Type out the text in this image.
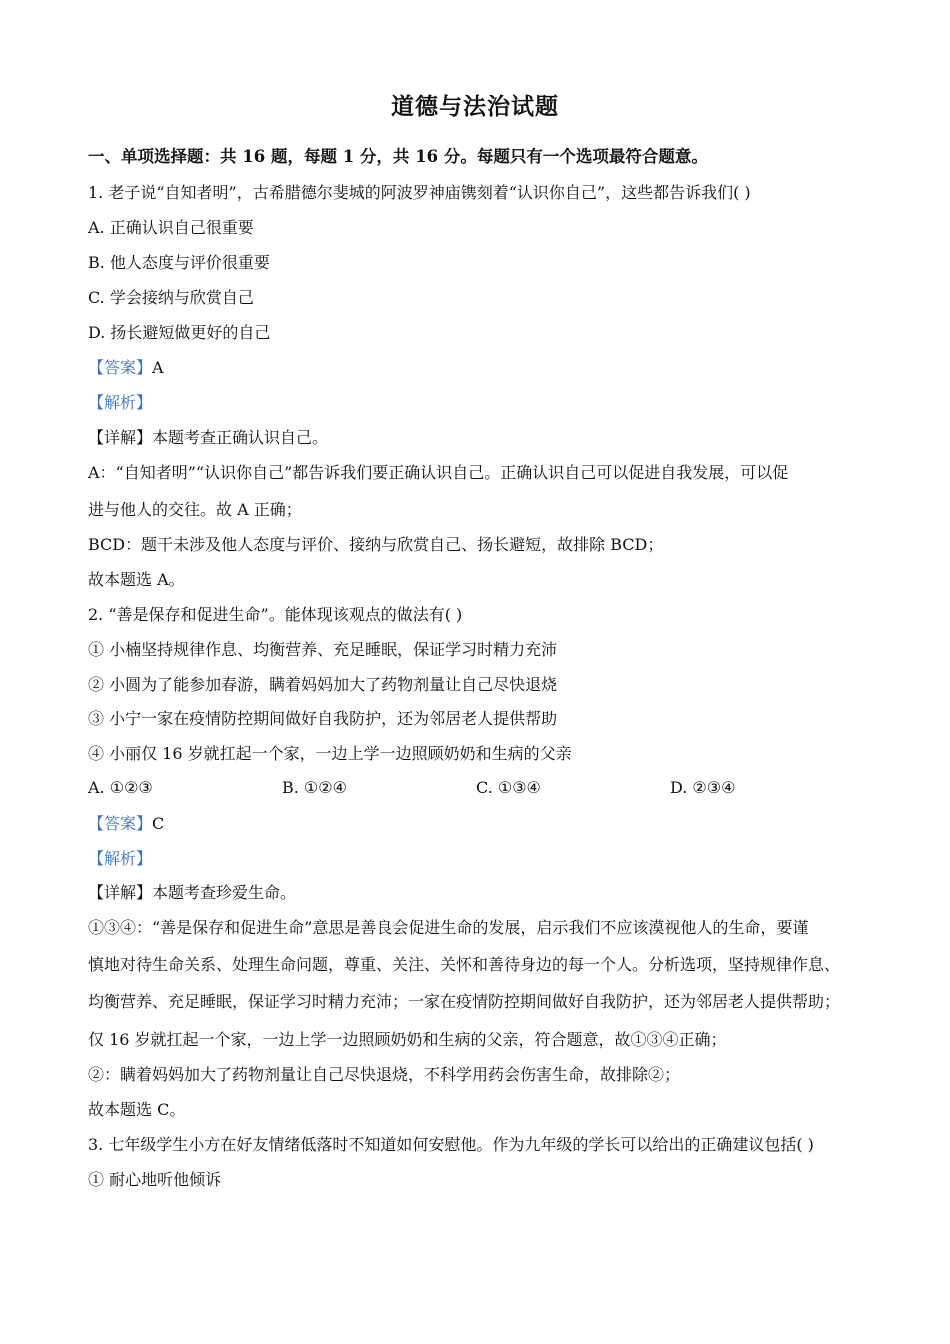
道德与法治试题
一、单项选择题：共 16 题，每题 1 分，共 16 分。每题只有一个选项最符合题意。
1. 老子说“自知者明”，古希腊德尔斐城的阿波罗神庙镌刻着“认识你自己”，这些都告诉我们( )
A. 正确认识自己很重要
B. 他人态度与评价很重要
C. 学会接纳与欣赏自己
D. 扬长避短做更好的自己
【答案】A
【解析】
【详解】本题考查正确认识自己。
A：“自知者明”“认识你自己”都告诉我们要正确认识自己。正确认识自己可以促进自我发展，可以促
进与他人的交往。故 A 正确；
BCD：题干未涉及他人态度与评价、接纳与欣赏自己、扬长避短，故排除 BCD；
故本题选 A。
2. “善是保存和促进生命”。能体现该观点的做法有( )
① 小楠坚持规律作息、均衡营养、充足睡眠，保证学习时精力充沛
② 小圆为了能参加春游，瞒着妈妈加大了药物剂量让自己尽快退烧
③ 小宁一家在疫情防控期间做好自我防护，还为邻居老人提供帮助
④ 小丽仅 16 岁就扛起一个家，一边上学一边照顾奶奶和生病的父亲
A. ①②③	B. ①②④	C. ①③④	D. ②③④
【答案】C
【解析】
【详解】本题考查珍爱生命。
①③④：“善是保存和促进生命”意思是善良会促进生命的发展，启示我们不应该漠视他人的生命，要谨
慎地对待生命关系、处理生命问题，尊重、关注、关怀和善待身边的每一个人。分析选项，坚持规律作息、
均衡营养、充足睡眠，保证学习时精力充沛；一家在疫情防控期间做好自我防护，还为邻居老人提供帮助；
仅 16 岁就扛起一个家，一边上学一边照顾奶奶和生病的父亲，符合题意，故①③④正确；
②：瞒着妈妈加大了药物剂量让自己尽快退烧，不科学用药会伤害生命，故排除②；
故本题选 C。
3. 七年级学生小方在好友情绪低落时不知道如何安慰他。作为九年级的学长可以给出的正确建议包括( )
① 耐心地听他倾诉
